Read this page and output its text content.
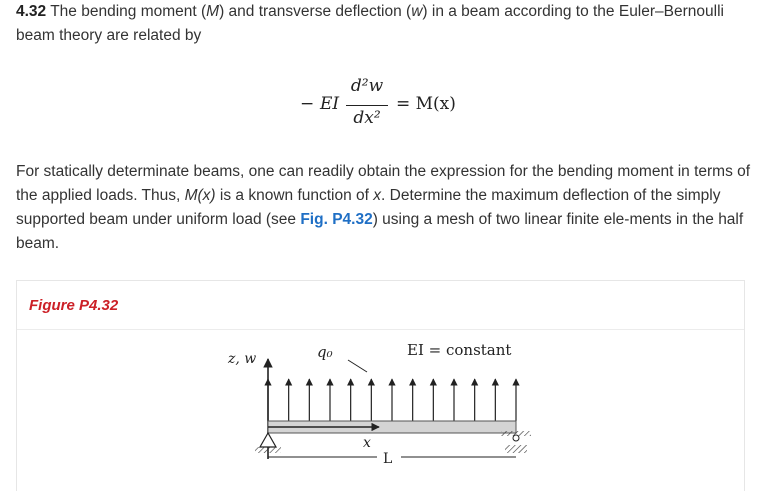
4.32 The bending moment (M) and transverse deflection (w) in a beam according to the Euler–Bernoulli beam theory are related by

− EI
d²w
dx²
= M(x)

For statically determinate beams, one can readily obtain the expression for the bending moment in terms of the applied loads. Thus, M(x) is a known function of x. Determine the maximum deflection of the simply supported beam under uniform load (see Fig. P4.32) using a mesh of two linear finite ele-ments in the half beam.

Figure P4.32
z, w	q₀	EI = constant
x
L
